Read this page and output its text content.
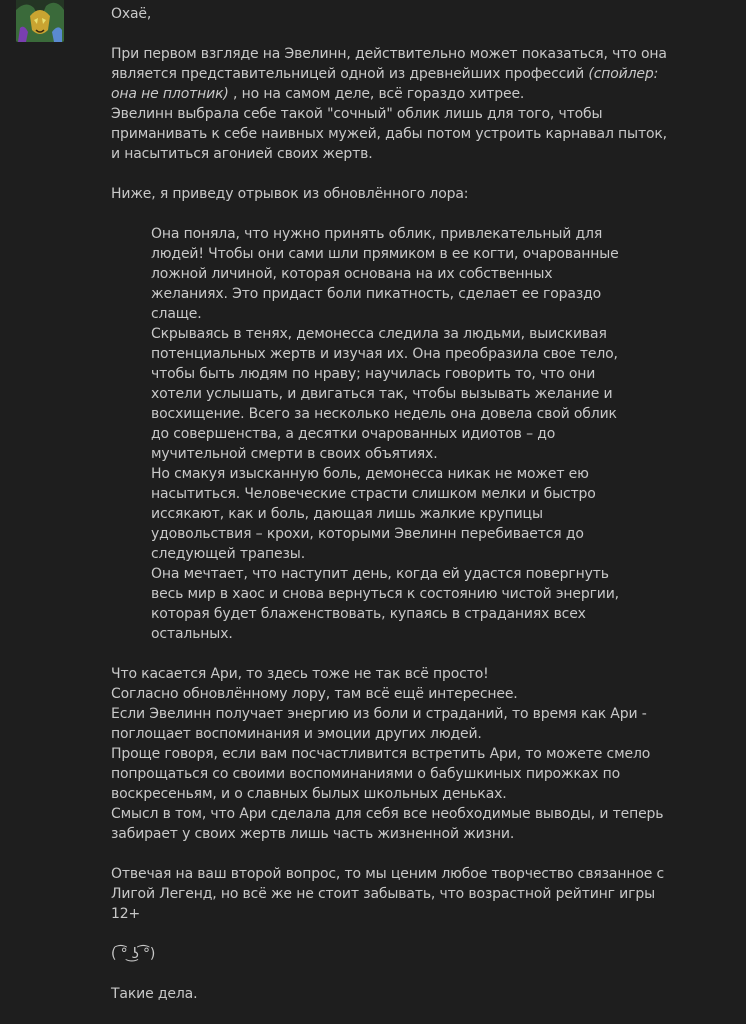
Охаё,

При первом взгляде на Эвелинн, действительно может показаться, что она
является представительницей одной из древнейших профессий (спойлер:
она не плотник) , но на самом деле, всё гораздо хитрее.
Эвелинн выбрала себе такой "сочный" облик лишь для того, чтобы
приманивать к себе наивных мужей, дабы потом устроить карнавал пыток,
и насытиться агонией своих жертв.

Ниже, я приведу отрывок из обновлённого лора:

Она поняла, что нужно принять облик, привлекательный для
людей! Чтобы они сами шли прямиком в ее когти, очарованные
ложной личиной, которая основана на их собственных
желаниях. Это придаст боли пикатность, сделает ее гораздо
слаще.
Скрываясь в тенях, демонесса следила за людьми, выискивая
потенциальных жертв и изучая их. Она преобразила свое тело,
чтобы быть людям по нраву; научилась говорить то, что они
хотели услышать, и двигаться так, чтобы вызывать желание и
восхищение. Всего за несколько недель она довела свой облик
до совершенства, а десятки очарованных идиотов – до
мучительной смерти в своих объятиях.
Но смакуя изысканную боль, демонесса никак не может ею
насытиться. Человеческие страсти слишком мелки и быстро
иссякают, как и боль, дающая лишь жалкие крупицы
удовольствия – крохи, которыми Эвелинн перебивается до
следующей трапезы.
Она мечтает, что наступит день, когда ей удастся повергнуть
весь мир в хаос и снова вернуться к состоянию чистой энергии,
которая будет блаженствовать, купаясь в страданиях всех
остальных.

Что касается Ари, то здесь тоже не так всё просто!
Согласно обновлённому лору, там всё ещё интереснее.
Если Эвелинн получает энергию из боли и страданий, то время как Ари -
поглощает воспоминания и эмоции других людей.
Проще говоря, если вам посчастливится встретить Ари, то можете смело
попрощаться со своими воспоминаниями о бабушкиных пирожках по
воскресеньям, и о славных былых школьных деньках.
Смысл в том, что Ари сделала для себя все необходимые выводы, и теперь
забирает у своих жертв лишь часть жизненной жизни.

Отвечая на ваш второй вопрос, то мы ценим любое творчество связанное с
Лигой Легенд, но всё же не стоит забывать, что возрастной рейтинг игры
12+

( ͡° ͜ʖ ͡°)

Такие дела.
